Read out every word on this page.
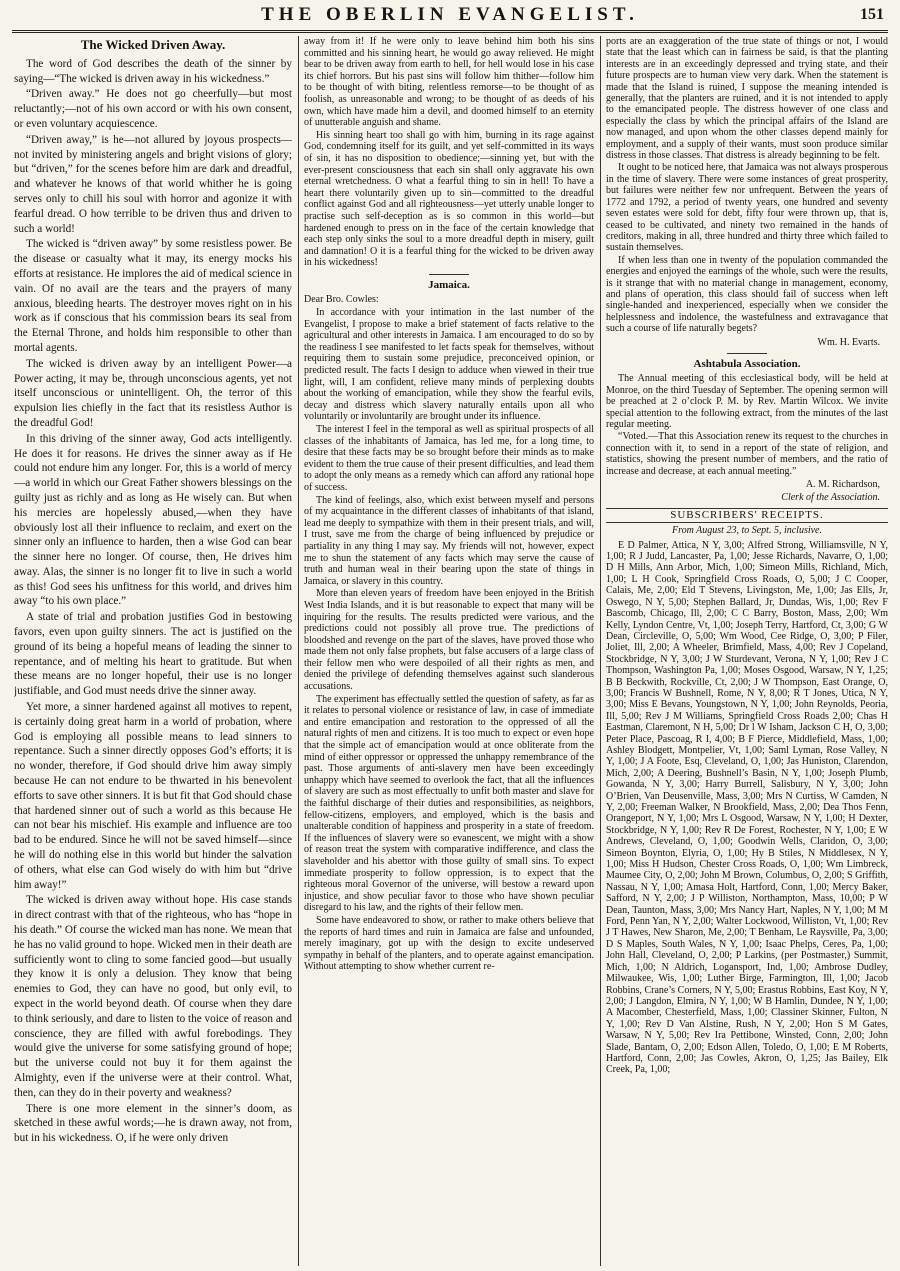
THE OBERLIN EVANGELIST.	151
The Wicked Driven Away.

The word of God describes the death of the sinner by saying—“The wicked is driven away in his wickedness.”

“Driven away.” He does not go cheerfully—but most reluctantly;—not of his own accord or with his own consent, or even voluntary acquiescence.

“Driven away,” is he—not allured by joyous prospects—not invited by ministering angels and bright visions of glory; but “driven,” for the scenes before him are dark and dreadful, and whatever he knows of that world whither he is going serves only to chill his soul with horror and agonize it with fearful dread. O how terrible to be driven thus and driven to such a world!

The wicked is “driven away” by some resistless power. Be the disease or casualty what it may, its energy mocks his efforts at resistance. He implores the aid of medical science in vain. Of no avail are the tears and the prayers of many anxious, bleeding hearts. The destroyer moves right on in his work as if conscious that his commission bears its seal from the Eternal Throne, and holds him responsible to other than mortal agents.

The wicked is driven away by an intelligent Power—a Power acting, it may be, through unconscious agents, yet not itself unconscious or unintelligent. Oh, the terror of this expulsion lies chiefly in the fact that its resistless Author is the dreadful God!

In this driving of the sinner away, God acts intelligently. He does it for reasons. He drives the sinner away as if He could not endure him any longer. For, this is a world of mercy—a world in which our Great Father showers blessings on the guilty just as richly and as long as He wisely can. But when his mercies are hopelessly abused,—when they have obviously lost all their influence to reclaim, and exert on the sinner only an influence to harden, then a wise God can bear the sinner here no longer. Of course, then, He drives him away. Alas, the sinner is no longer fit to live in such a world as this! God sees his unfitness for this world, and drives him away “to his own place.”

A state of trial and probation justifies God in bestowing favors, even upon guilty sinners. The act is justified on the ground of its being a hopeful means of leading the sinner to repentance, and of melting his heart to gratitude. But when these means are no longer hopeful, their use is no longer justifiable, and God must needs drive the sinner away.

Yet more, a sinner hardened against all motives to repent, is certainly doing great harm in a world of probation, where God is employing all possible means to lead sinners to repentance. Such a sinner directly opposes God’s efforts; it is no wonder, therefore, if God should drive him away simply because He can not endure to be thwarted in his benevolent efforts to save other sinners. It is but fit that God should chase that hardened sinner out of such a world as this because He can not bear his mischief. His example and influence are too bad to be endured. Since he will not be saved himself—since he will do nothing else in this world but hinder the salvation of others, what else can God wisely do with him but “drive him away!”

The wicked is driven away without hope. His case stands in direct contrast with that of the righteous, who has “hope in his death.” Of course the wicked man has none. We mean that he has no valid ground to hope. Wicked men in their death are sufficiently wont to cling to some fancied good—but usually they know it is only a delusion. They know that being enemies to God, they can have no good, but only evil, to expect in the world beyond death. Of course when they dare to think seriously, and dare to listen to the voice of reason and conscience, they are filled with awful forebodings. They would give the universe for some satisfying ground of hope; but the universe could not buy it for them against the Almighty, even if the universe were at their control. What, then, can they do in their poverty and weakness?

There is one more element in the sinner’s doom, as sketched in these awful words;—he is drawn away, not from, but in his wickedness. O, if he were only driven

away from it! If he were only to leave behind him both his sins committed and his sinning heart, he would go away relieved. He might bear to be driven away from earth to hell, for hell would lose in his case its chief horrors. But his past sins will follow him thither—follow him to be thought of with biting, relentless remorse—to be thought of as foolish, as unreasonable and wrong; to be thought of as deeds of his own, which have made him a devil, and doomed himself to an eternity of unutterable anguish and shame.

His sinning heart too shall go with him, burning in its rage against God, condemning itself for its guilt, and yet self-committed in its ways of sin, it has no disposition to obedience;—sinning yet, but with the ever-present consciousness that each sin shall only aggravate his own eternal wretchedness. O what a fearful thing to sin in hell! To have a heart there voluntarily given up to sin—committed to the dreadful conflict against God and all righteousness—yet utterly unable longer to practise such self-deception as is so common in this world—but hardened enough to press on in the face of the certain knowledge that each step only sinks the soul to a more dreadful depth in misery, guilt and damnation! O it is a fearful thing for the wicked to be driven away in his wickedness!

Jamaica.

Dear Bro. Cowles:

In accordance with your intimation in the last number of the Evangelist, I propose to make a brief statement of facts relative to the agricultural and other interests in Jamaica. I am encouraged to do so by the readiness I see manifested to let facts speak for themselves, without requiring them to sustain some prejudice, preconceived opinion, or predicted result. The facts I design to adduce when viewed in their true light, will, I am confident, relieve many minds of perplexing doubts about the working of emancipation, while they show the fearful evils, decay and distress which slavery naturally entails upon all who voluntarily or involuntarily are brought under its influence.

The interest I feel in the temporal as well as spiritual prospects of all classes of the inhabitants of Jamaica, has led me, for a long time, to desire that these facts may be so brought before their minds as to make evident to them the true cause of their present difficulties, and lead them to adopt the only means as a remedy which can afford any rational hope of success.

The kind of feelings, also, which exist between myself and persons of my acquaintance in the different classes of inhabitants of that island, lead me deeply to sympathize with them in their present trials, and will, I trust, save me from the charge of being influenced by prejudice or partiality in any thing I may say. My friends will not, however, expect me to shun the statement of any facts which may serve the cause of truth and human weal in their bearing upon the state of things in Jamaica, or slavery in this country.

More than eleven years of freedom have been enjoyed in the British West India Islands, and it is but reasonable to expect that many will be inquiring for the results. The results predicted were various, and the predictions could not possibly all prove true. The predictions of bloodshed and revenge on the part of the slaves, have proved those who made them not only false prophets, but false accusers of a large class of their fellow men who were despoiled of all their rights as men, and denied the privilege of defending themselves against such slanderous accusations.

The experiment has effectually settled the question of safety, as far as it relates to personal violence or resistance of law, in case of immediate and entire emancipation and restoration to the oppressed of all the natural rights of men and citizens. It is too much to expect or even hope that the simple act of emancipation would at once obliterate from the mind of either oppressor or oppressed the unhappy remembrance of the past. Those arguments of anti-slavery men have been exceedingly unhappy which have seemed to overlook the fact, that all the influences of slavery are such as most effectually to unfit both master and slave for the faithful discharge of their duties and responsibilities, as neighbors, fellow-citizens, employers, and employed, which is the basis and unalterable condition of happiness and prosperity in a state of freedom. If the influences of slavery were so evanescent, we might with a show of reason treat the system with comparative indifference, and class the slaveholder and his abettor with those guilty of small sins. To expect immediate prosperity to follow oppression, is to expect that the righteous moral Governor of the universe, will bestow a reward upon injustice, and show peculiar favor to those who have shown peculiar disregard to his law, and the rights of their fellow men.

Some have endeavored to show, or rather to make others believe that the reports of hard times and ruin in Jamaica are false and unfounded, merely imaginary, got up with the design to excite undeserved sympathy in behalf of the planters, and to operate against emancipation. Without attempting to show whether current re-

ports are an exaggeration of the true state of things or not, I would state that the least which can in fairness be said, is that the planting interests are in an exceedingly depressed and trying state, and their future prospects are to human view very dark. When the statement is made that the Island is ruined, I suppose the meaning intended is generally, that the planters are ruined, and it is not intended to apply to the emancipated people. The distress however of one class and especially the class by which the principal affairs of the Island are now managed, and upon whom the other classes depend mainly for employment, and a supply of their wants, must soon produce similar distress in those classes. That distress is already beginning to be felt.

It ought to be noticed here, that Jamaica was not always prosperous in the time of slavery. There were some instances of great prosperity, but failures were neither few nor unfrequent. Between the years of 1772 and 1792, a period of twenty years, one hundred and seventy seven estates were sold for debt, fifty four were thrown up, that is, ceased to be cultivated, and ninety two remained in the hands of creditors, making in all, three hundred and thirty three which failed to sustain themselves.

If when less than one in twenty of the population commanded the energies and enjoyed the earnings of the whole, such were the results, is it strange that with no material change in management, economy, and plans of operation, this class should fail of success when left single-handed and inexperienced, especially when we consider the helplessness and indolence, the wastefulness and extravagance that such a course of life naturally begets?

Wm. H. Evarts.
Ashtabula Association.

The Annual meeting of this ecclesiastical body, will be held at Monroe, on the third Tuesday of September. The opening sermon will be preached at 2 o’clock P. M. by Rev. Martin Wilcox. We invite special attention to the following extract, from the minutes of the last regular meeting.

“Voted.—That this Association renew its request to the churches in connection with it, to send in a report of the state of religion, and statistics, showing the present number of members, and the ratio of increase and decrease, at each annual meeting.”

A. M. Richardson,
Clerk of the Association.
SUBSCRIBERS' RECEIPTS.
From August 23, to Sept. 5, inclusive.

E D Palmer, Attica, N Y, 3,00; Alfred Strong, Williamsville, N Y, 1,00; R J Judd, Lancaster, Pa, 1,00; Jesse Richards, Navarre, O, 1,00; D H Mills, Ann Arbor, Mich, 1,00; Simeon Mills, Richland, Mich, 1,00; L H Cook, Springfield Cross Roads, O, 5,00; J C Cooper, Calais, Me, 2,00; Eld T Stevens, Livingston, Me, 1,00; Jas Ells, Jr, Oswego, N Y, 5,00; Stephen Ballard, Jr, Dundas, Wis, 1,00; Rev F Bascomb, Chicago, Ill, 2,00; C C Barry, Boston, Mass, 2,00; Wm Kelly, Lyndon Centre, Vt, 1,00; Joseph Terry, Hartford, Ct, 3,00; G W Dean, Circleville, O, 5,00; Wm Wood, Cee Ridge, O, 3,00; P Filer, Joliet, Ill, 2,00; A Wheeler, Brimfield, Mass, 4,00; Rev J Copeland, Stockbridge, N Y, 3,00; J W Sturdevant, Verona, N Y, 1,00; Rev J C Thompson, Washington Pa, 1,00; Moses Osgood, Warsaw, N Y, 1,25; B B Beckwith, Rockville, Ct, 2,00; J W Thompson, East Orange, O, 3,00; Francis W Bushnell, Rome, N Y, 8,00; R T Jones, Utica, N Y, 3,00; Miss E Bevans, Youngstown, N Y, 1,00; John Reynolds, Peoria, Ill, 5,00; Rev J M Williams, Springfield Cross Roads 2,00; Chas H Eastman, Claremont, N H, 5,00; Dr l W Isham, Jackson C H, O, 3,00; Peter Place, Pascoag, R I, 4,00; B F Pierce, Middlefield, Mass, 1,00; Ashley Blodgett, Montpelier, Vt, 1,00; Saml Lyman, Rose Valley, N Y, 1,00; J A Foote, Esq, Cleveland, O, 1,00; Jas Huniston, Clarendon, Mich, 2,00; A Deering, Bushnell’s Basin, N Y, 1,00; Joseph Plumb, Gowanda, N Y, 3,00; Harry Burrell, Salisbury, N Y, 3,00; John O’Brien, Van Deusenville, Mass, 3,00; Mrs N Curtiss, W Camden, N Y, 2,00; Freeman Walker, N Brookfield, Mass, 2,00; Dea Thos Fenn, Orangeport, N Y, 1,00; Mrs L Osgood, Warsaw, N Y, 1,00; H Dexter, Stockbridge, N Y, 1,00; Rev R De Forest, Rochester, N Y, 1,00; E W Andrews, Cleveland, O, 1,00; Goodwin Wells, Claridon, O, 3,00; Simeon Boynton, Elyria, O, 1,00; Hy B Stiles, N Middlesex, N Y, 1,00; Miss H Hudson, Chester Cross Roads, O, 1,00; Wm Limbreck, Maumee City, O, 2,00; John M Brown, Columbus, O, 2,00; S Griffith, Nassau, N Y, 1,00; Amasa Holt, Hartford, Conn, 1,00; Mercy Baker, Safford, N Y, 2,00; J P Williston, Northampton, Mass, 10,00; P W Dean, Taunton, Mass, 3,00; Mrs Nancy Hart, Naples, N Y, 1,00; M M Ford, Penn Yan, N Y, 2,00; Walter Lockwood, Williston, Vt, 1,00; Rev J T Hawes, New Sharon, Me, 2,00; T Benham, Le Raysville, Pa, 3,00; D S Maples, South Wales, N Y, 1,00; Isaac Phelps, Ceres, Pa, 1,00; John Hall, Cleveland, O, 2,00; P Larkins, (per Postmaster,) Summit, Mich, 1,00; N Aldrich, Logansport, Ind, 1,00; Ambrose Dudley, Milwaukee, Wis, 1,00; Luther Birge, Farmington, Ill, 1,00; Jacob Robbins, Crane’s Corners, N Y, 5,00; Erastus Robbins, East Koy, N Y, 2,00; J Langdon, Elmira, N Y, 1,00; W B Hamlin, Dundee, N Y, 1,00; A Macomber, Chesterfield, Mass, 1,00; Classiner Skinner, Fulton, N Y, 1,00; Rev D Van Alstine, Rush, N Y, 2,00; Hon S M Gates, Warsaw, N Y, 5,00; Rev Ira Pettibone, Winsted, Conn, 2,00; John Slade, Bantam, O, 2,00; Edson Allen, Toledo, O, 1,00; E M Roberts, Hartford, Conn, 2,00; Jas Cowles, Akron, O, 1,25; Jas Bailey, Elk Creek, Pa, 1,00;
